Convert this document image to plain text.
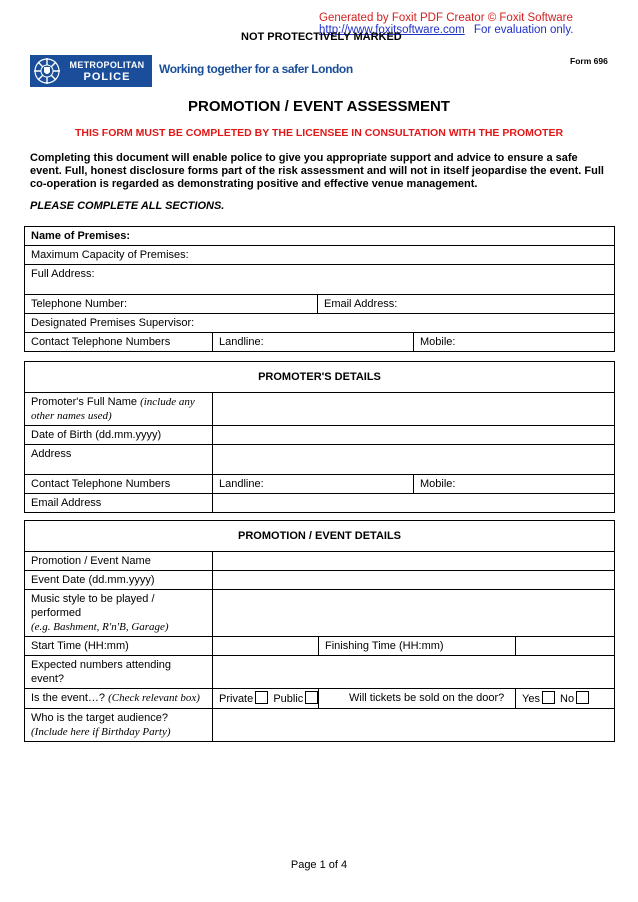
Generated by Foxit PDF Creator © Foxit Software
http://www.foxitsoftware.com For evaluation only.
NOT PROTECTIVELY MARKED
Form 696
METROPOLITAN
POLICE
Working together for a safer London
PROMOTION / EVENT ASSESSMENT
THIS FORM MUST BE COMPLETED BY THE LICENSEE IN CONSULTATION WITH THE PROMOTER
Completing this document will enable police to give you appropriate support and advice to ensure a safe event. Full, honest disclosure forms part of the risk assessment and will not in itself jeopardise the event. Full co-operation is regarded as demonstrating positive and effective venue management.
PLEASE COMPLETE ALL SECTIONS.
Name of Premises:			
Maximum Capacity of Premises:			
Full Address:			
Telephone Number:		Email Address:	
Designated Premises Supervisor:			
Contact Telephone Numbers	Landline:		Mobile:
PROMOTER'S DETAILS		
Promoter's Full Name (include any other names used)		
Date of Birth (dd.mm.yyyy)		
Address		
Contact Telephone Numbers	Landline:	Mobile:
Email Address		
PROMOTION / EVENT DETAILS			
Promotion / Event Name			
Event Date (dd.mm.yyyy)			
Music style to be played / performed
(e.g. Bashment, R'n'B, Garage)			
Start Time (HH:mm)		Finishing Time (HH:mm)	
Expected numbers attending event?			
Is the event…? (Check relevant box)	Private Public	Will tickets be sold on the door?	Yes No
Who is the target audience?
(Include here if Birthday Party)			
Page 1 of 4
